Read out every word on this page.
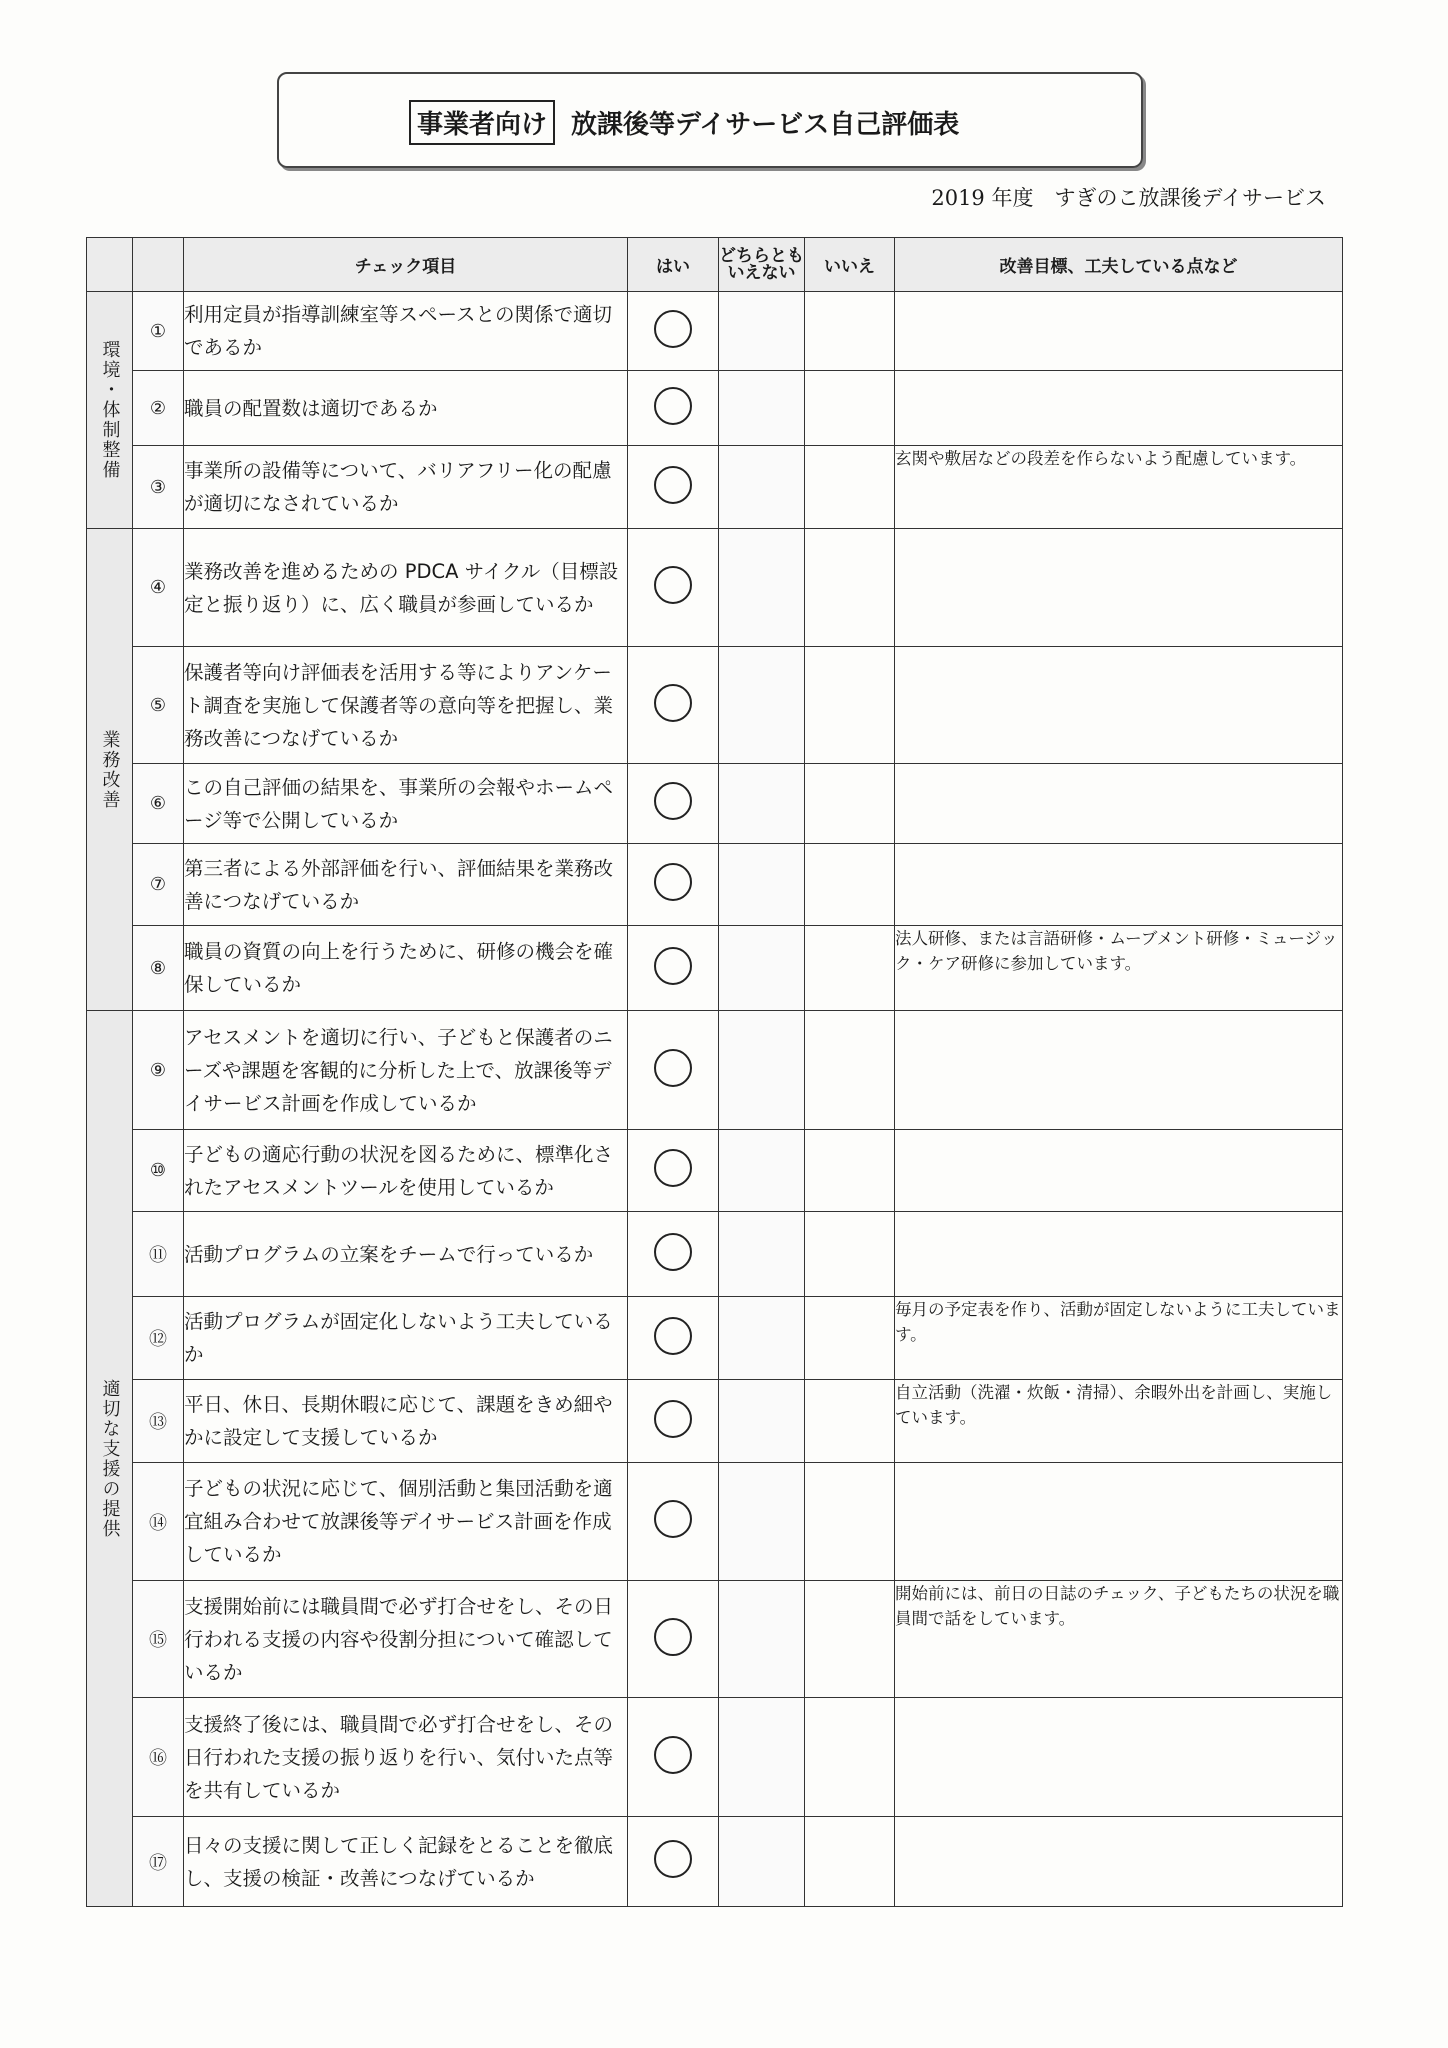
事業者向け 放課後等デイサービス自己評価表
2019 年度　すぎのこ放課後デイサービス
		チェック項目	はい	どちらとも
いえない	いいえ	改善目標、工夫している点など
環境・体制整備	①	利用定員が指導訓練室等スペースとの関係で適切であるか				
	②	職員の配置数は適切であるか				
	③	事業所の設備等について、バリアフリー化の配慮が適切になされているか				玄関や敷居などの段差を作らないよう配慮しています。
業務改善	④	業務改善を進めるための PDCA サイクル（目標設定と振り返り）に、広く職員が参画しているか				
	⑤	保護者等向け評価表を活用する等によりアンケート調査を実施して保護者等の意向等を把握し、業務改善につなげているか				
	⑥	この自己評価の結果を、事業所の会報やホームページ等で公開しているか				
	⑦	第三者による外部評価を行い、評価結果を業務改善につなげているか				
	⑧	職員の資質の向上を行うために、研修の機会を確保しているか				法人研修、または言語研修・ムーブメント研修・ミュージック・ケア研修に参加しています。
適切な支援の提供	⑨	アセスメントを適切に行い、子どもと保護者のニーズや課題を客観的に分析した上で、放課後等デイサービス計画を作成しているか				
	⑩	子どもの適応行動の状況を図るために、標準化されたアセスメントツールを使用しているか				
	⑪	活動プログラムの立案をチームで行っているか				
	⑫	活動プログラムが固定化しないよう工夫しているか				毎月の予定表を作り、活動が固定しないように工夫しています。
	⑬	平日、休日、長期休暇に応じて、課題をきめ細やかに設定して支援しているか				自立活動（洗濯・炊飯・清掃）、余暇外出を計画し、実施しています。
	⑭	子どもの状況に応じて、個別活動と集団活動を適宜組み合わせて放課後等デイサービス計画を作成しているか				
	⑮	支援開始前には職員間で必ず打合せをし、その日行われる支援の内容や役割分担について確認しているか				開始前には、前日の日誌のチェック、子どもたちの状況を職員間で話をしています。
	⑯	支援終了後には、職員間で必ず打合せをし、その日行われた支援の振り返りを行い、気付いた点等を共有しているか				
	⑰	日々の支援に関して正しく記録をとることを徹底し、支援の検証・改善につなげているか				
